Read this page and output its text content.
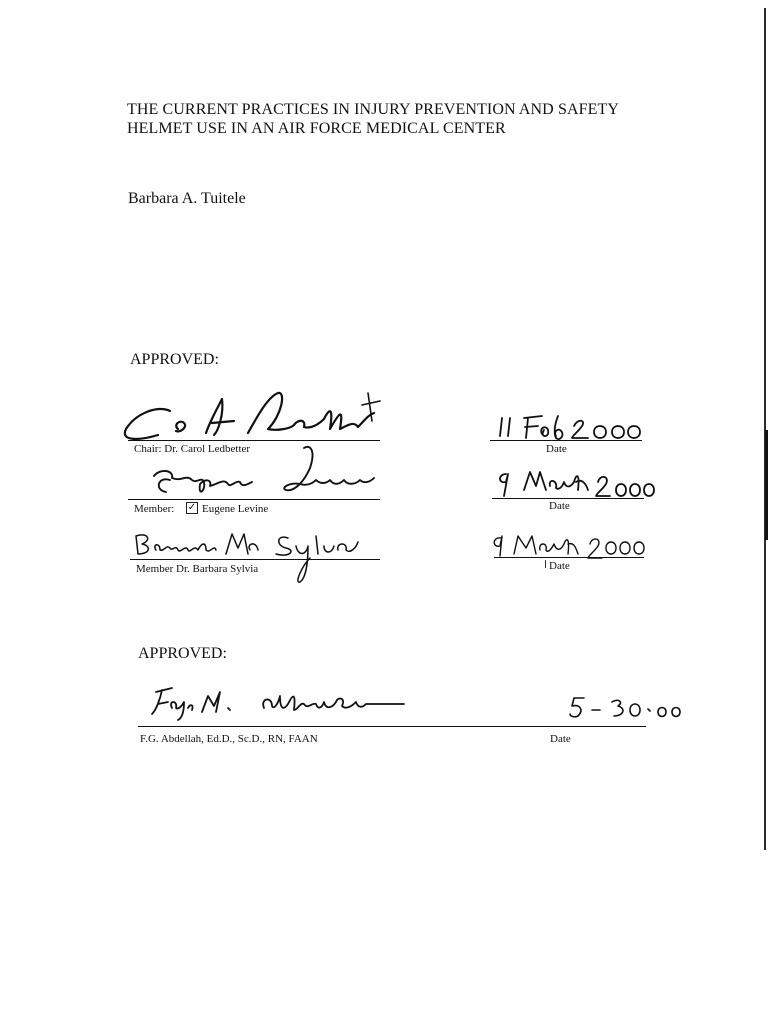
THE CURRENT PRACTICES IN INJURY PREVENTION AND SAFETY
HELMET USE IN AN AIR FORCE MEDICAL CENTER
Barbara A. Tuitele
APPROVED:
Chair: Dr. Carol Ledbetter	Date
Member: ✓ Eugene Levine	Date
Member Dr. Barbara Sylvia	Date
APPROVED:
F.G. Abdellah, Ed.D., Sc.D., RN, FAAN	Date
